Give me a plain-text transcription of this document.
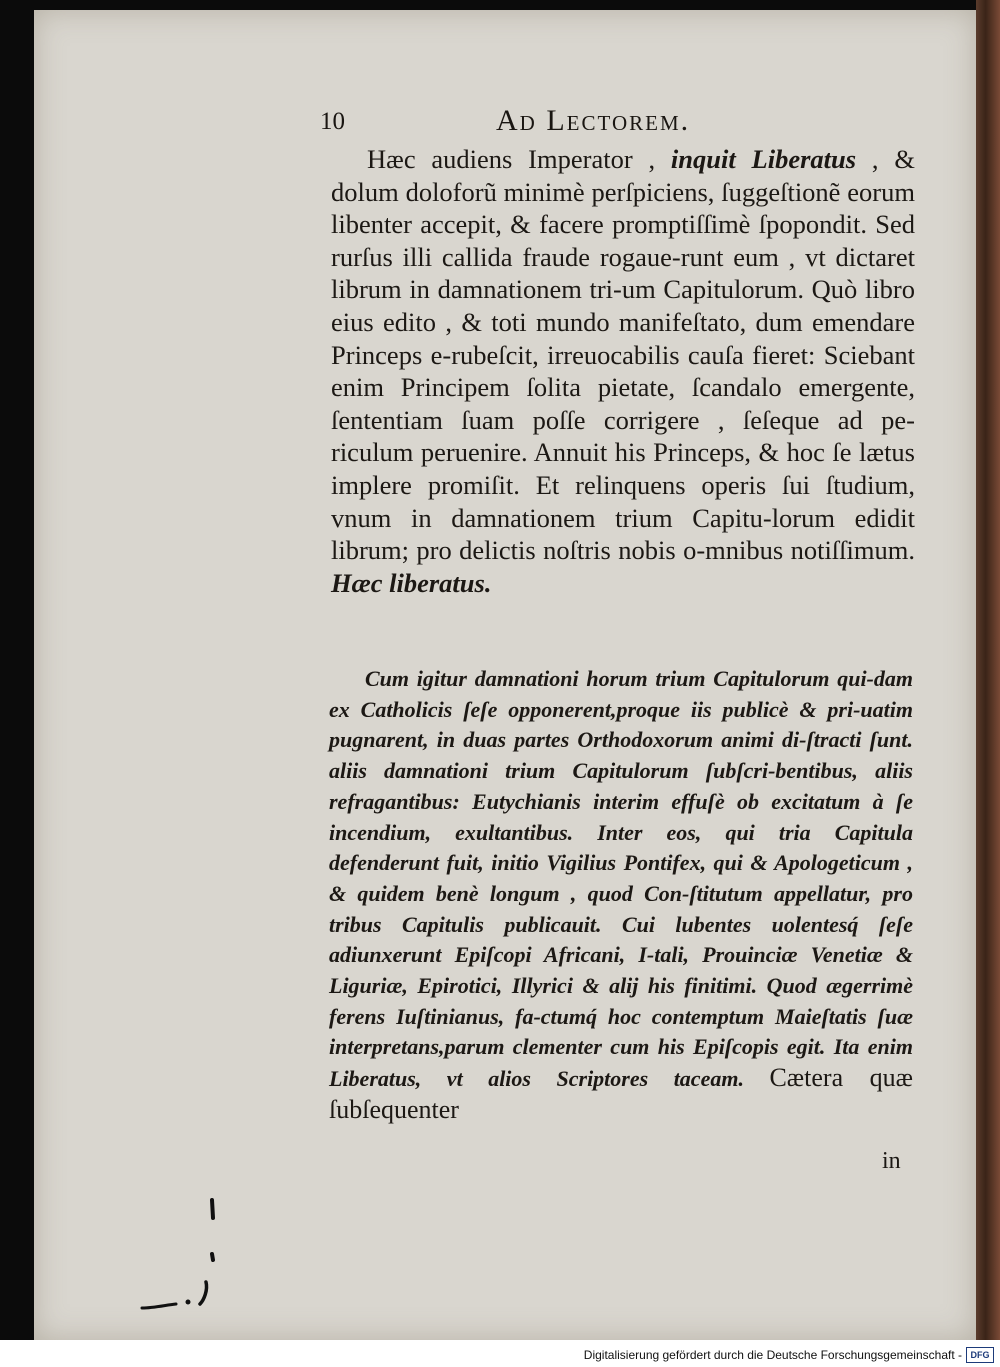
10	Ad Lectorem.

Hæc audiens Imperator , inquit Liberatus , & dolum doloforũ minimè perſpiciens, ſuggeſtionẽ eorum libenter accepit, & facere promptiſſimè ſpopondit. Sed rurſus illi callida fraude rogaue-runt eum , vt dictaret librum in damnationem tri-um Capitulorum. Quò libro eius edito , & toti mundo manifeſtato, dum emendare Princeps e-rubeſcit, irreuocabilis cauſa fieret: Sciebant enim Principem ſolita pietate, ſcandalo emergente, ſententiam ſuam poſſe corrigere , ſeſeque ad pe-riculum peruenire. Annuit his Princeps, & hoc ſe lætus implere promiſit. Et relinquens operis ſui ſtudium, vnum in damnationem trium Capitu-lorum edidit librum; pro delictis noſtris nobis o-mnibus notiſſimum. Hæc liberatus.

Cum igitur damnationi horum trium Capitulorum qui-dam ex Catholicis ſeſe opponerent,proque iis publicè & pri-uatim pugnarent, in duas partes Orthodoxorum animi di-ſtracti ſunt. aliis damnationi trium Capitulorum ſubſcri-bentibus, aliis refragantibus: Eutychianis interim effuſè ob excitatum à ſe incendium, exultantibus. Inter eos, qui tria Capitula defenderunt fuit, initio Vigilius Pontifex, qui & Apologeticum , & quidem benè longum , quod Con-ſtitutum appellatur, pro tribus Capitulis publicauit. Cui lubentes uolentesq́ ſeſe adiunxerunt Epiſcopi Africani, I-tali, Prouinciæ Venetiæ & Liguriæ, Epirotici, Illyrici & alij his finitimi. Quod ægerrimè ferens Iuſtinianus, fa-ctumq́ hoc contemptum Maieſtatis ſuæ interpretans,parum clementer cum his Epiſcopis egit. Ita enim Liberatus, vt alios Scriptores taceam. Cætera quæ ſubſequenter

in
Digitalisierung gefördert durch die Deutsche Forschungsgemeinschaft - DFG
